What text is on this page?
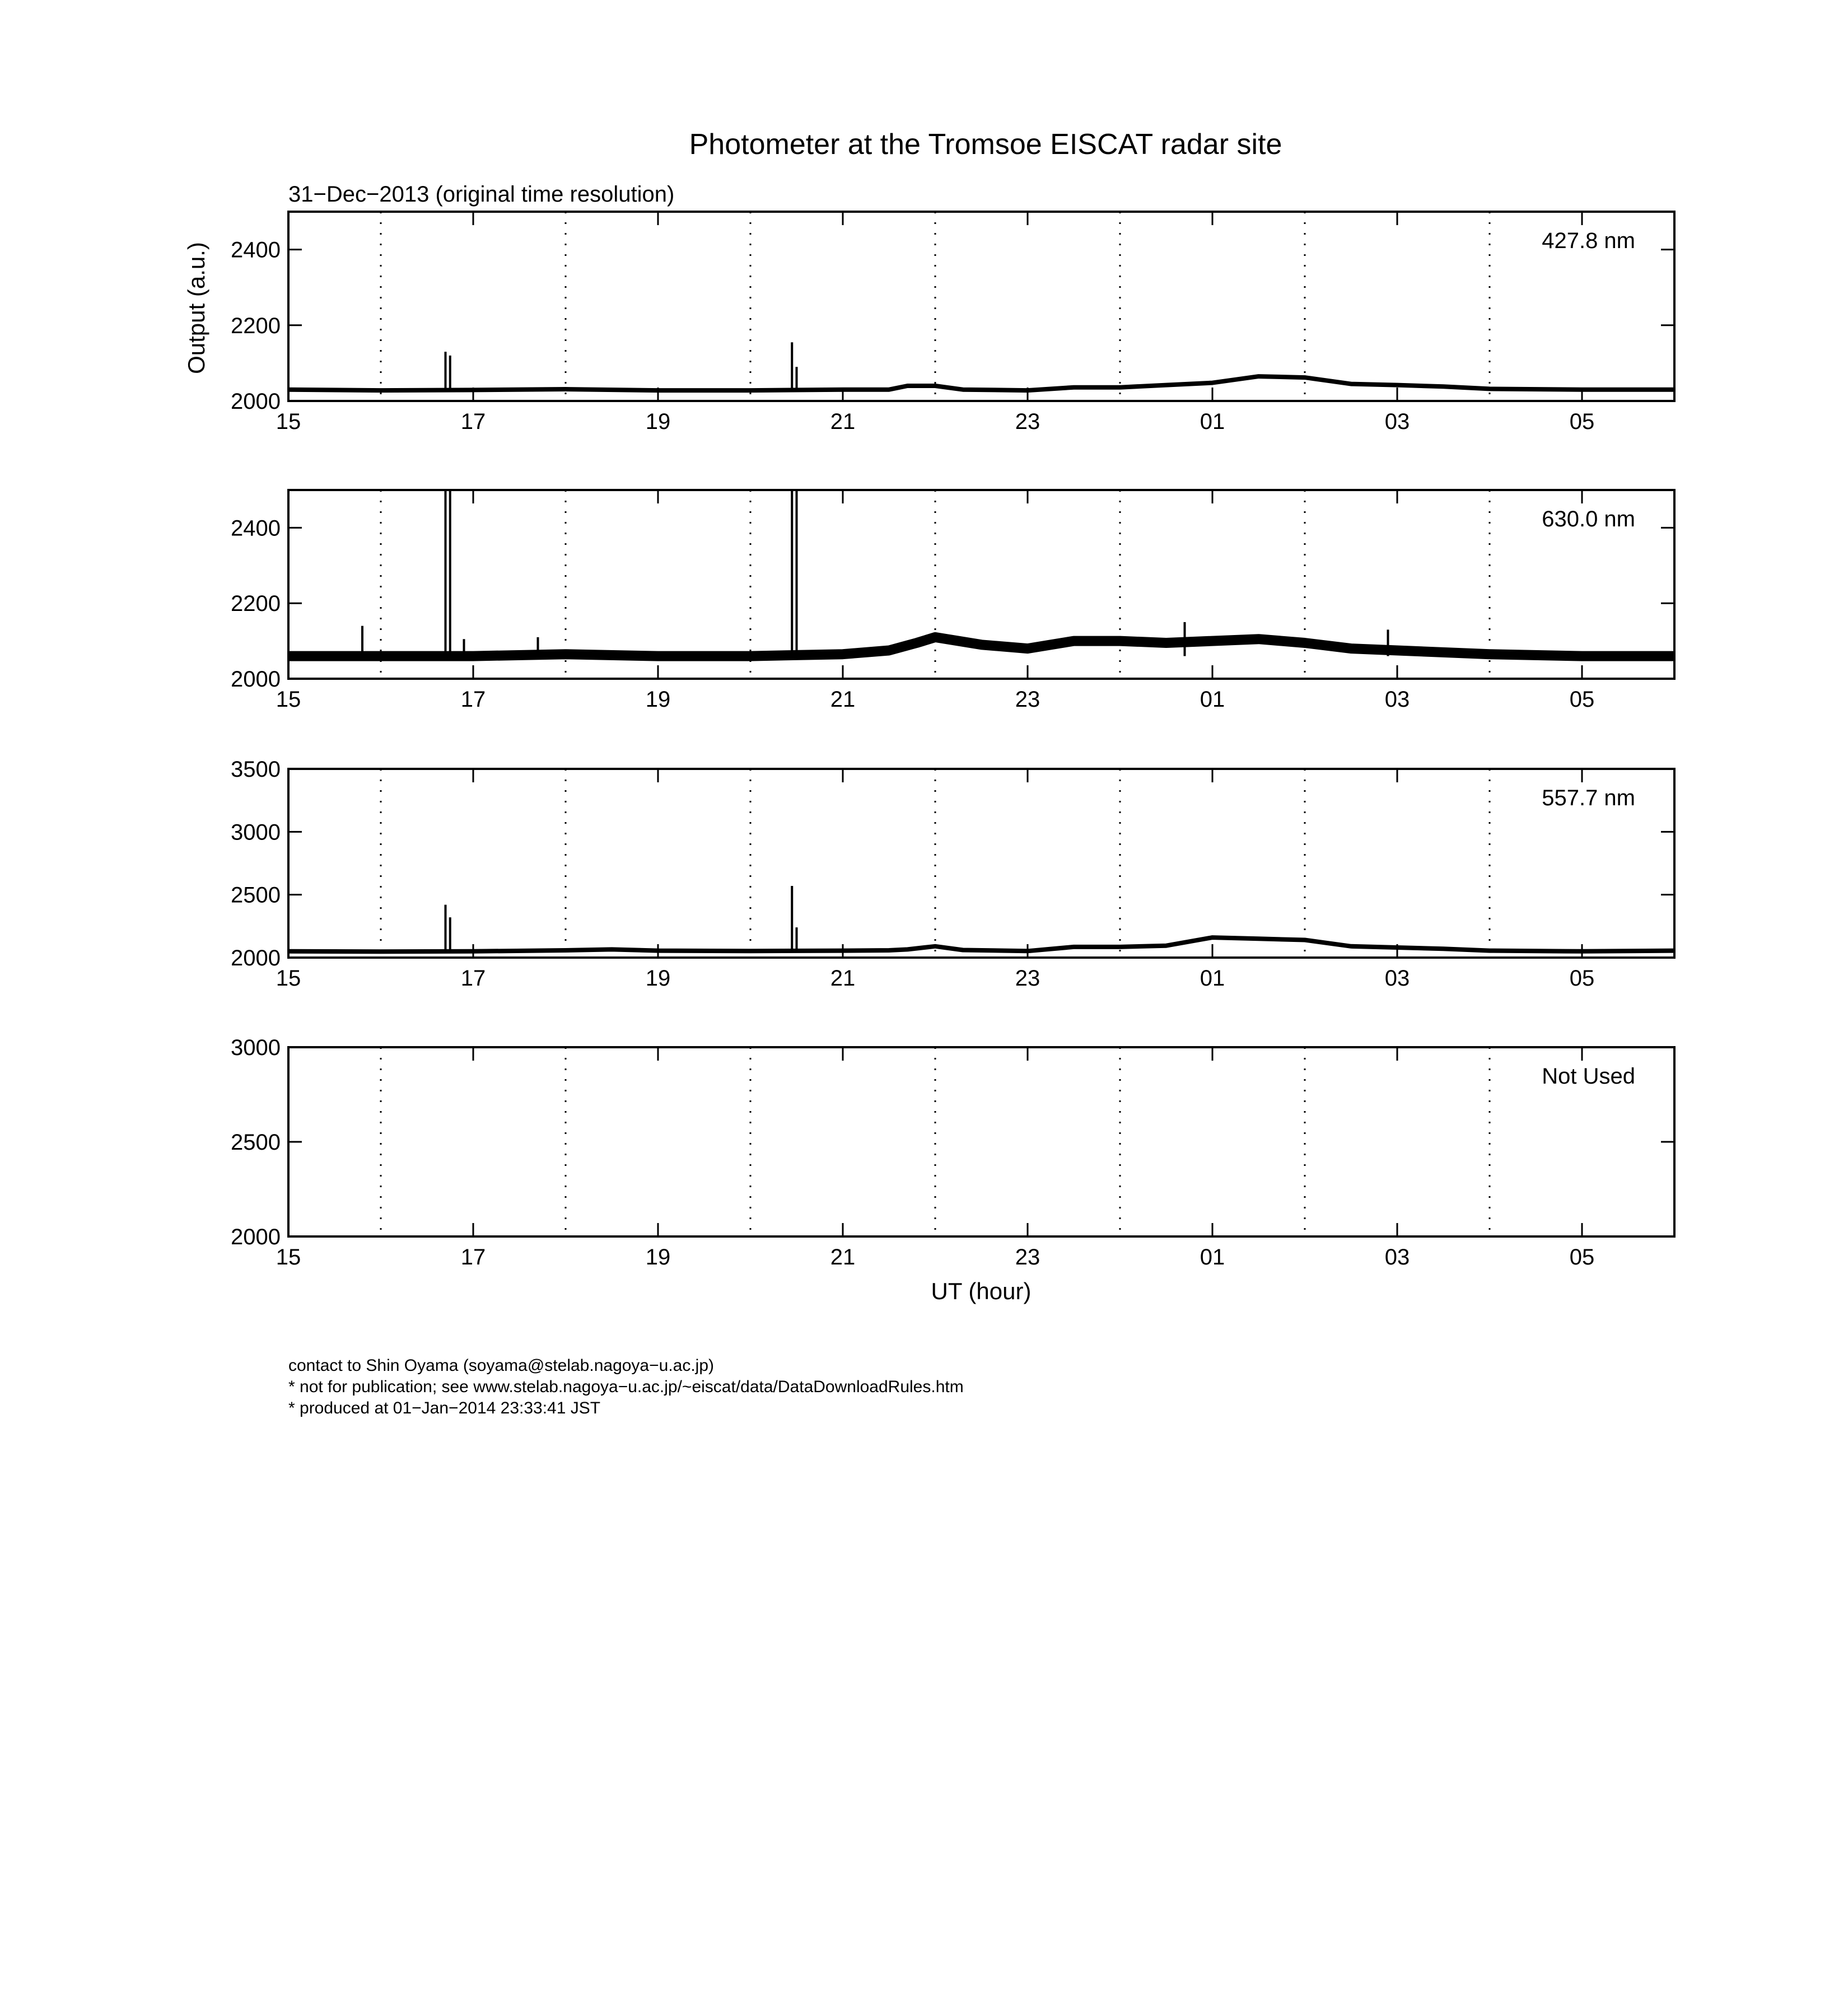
Photometer at the Tromsoe EISCAT radar site
31−Dec−2013 (original time resolution)
Output (a.u.)
15	17	19	21	23	01	03	05
2000
2200
2400	427.8 nm
15	17	19	21	23	01	03	05
2000
2200
2400	630.0 nm
15	17	19	21	23	01	03	05
2000
2500
3000
3500
557.7 nm
15	17	19	21	23	01	03	05
2000
2500
3000
Not Used
UT (hour)
contact to Shin Oyama (soyama@stelab.nagoya−u.ac.jp)
* not for publication; see www.stelab.nagoya−u.ac.jp/~eiscat/data/DataDownloadRules.htm
* produced at 01−Jan−2014 23:33:41 JST
